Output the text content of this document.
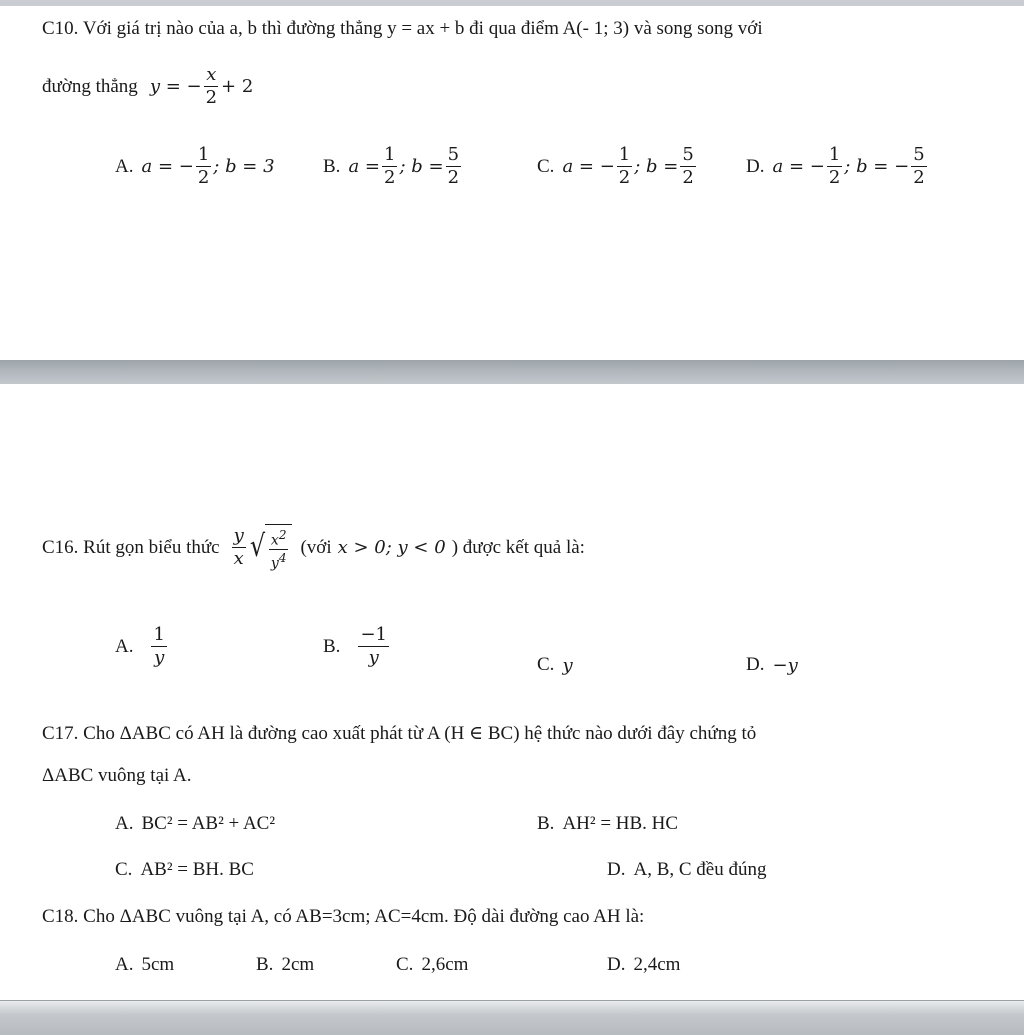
C10. Với giá trị nào của a, b thì đường thẳng y = ax + b đi qua điểm A(- 1; 3) và song song với
đường thẳng y = − $\frac{x}{2} + 2$
A. a = − $\frac{1}{2}$ ; b = 3	B. $a = \frac{1}{2}$ ; $b = \frac{5}{2}$	C. a = − $\frac{1}{2}$ ; $b = \frac{5}{2}$	D. a = − $\frac{1}{2}$ ; b = − $\frac{5}{2}$
C16. Rút gọn biểu thức $\frac{y}{x}$ √ $\frac{x^2}{y^4}$ (với x > 0; y < 0 ) được kết quả là:
A. $\frac{1}{y}$	B. $\frac{-1}{y}$	C. y	D. −y
C17. Cho ΔABC có AH là đường cao xuất phát từ A (H ∈ BC) hệ thức nào dưới đây chứng tỏ
ΔABC vuông tại A.
A. BC² = AB² + AC²	B. AH² = HB. HC
C. AB² = BH. BC	D. A, B, C đều đúng
C18. Cho ΔABC vuông tại A, có AB=3cm; AC=4cm. Độ dài đường cao AH là:
A. 5cm	B. 2cm	C. 2,6cm	D. 2,4cm
